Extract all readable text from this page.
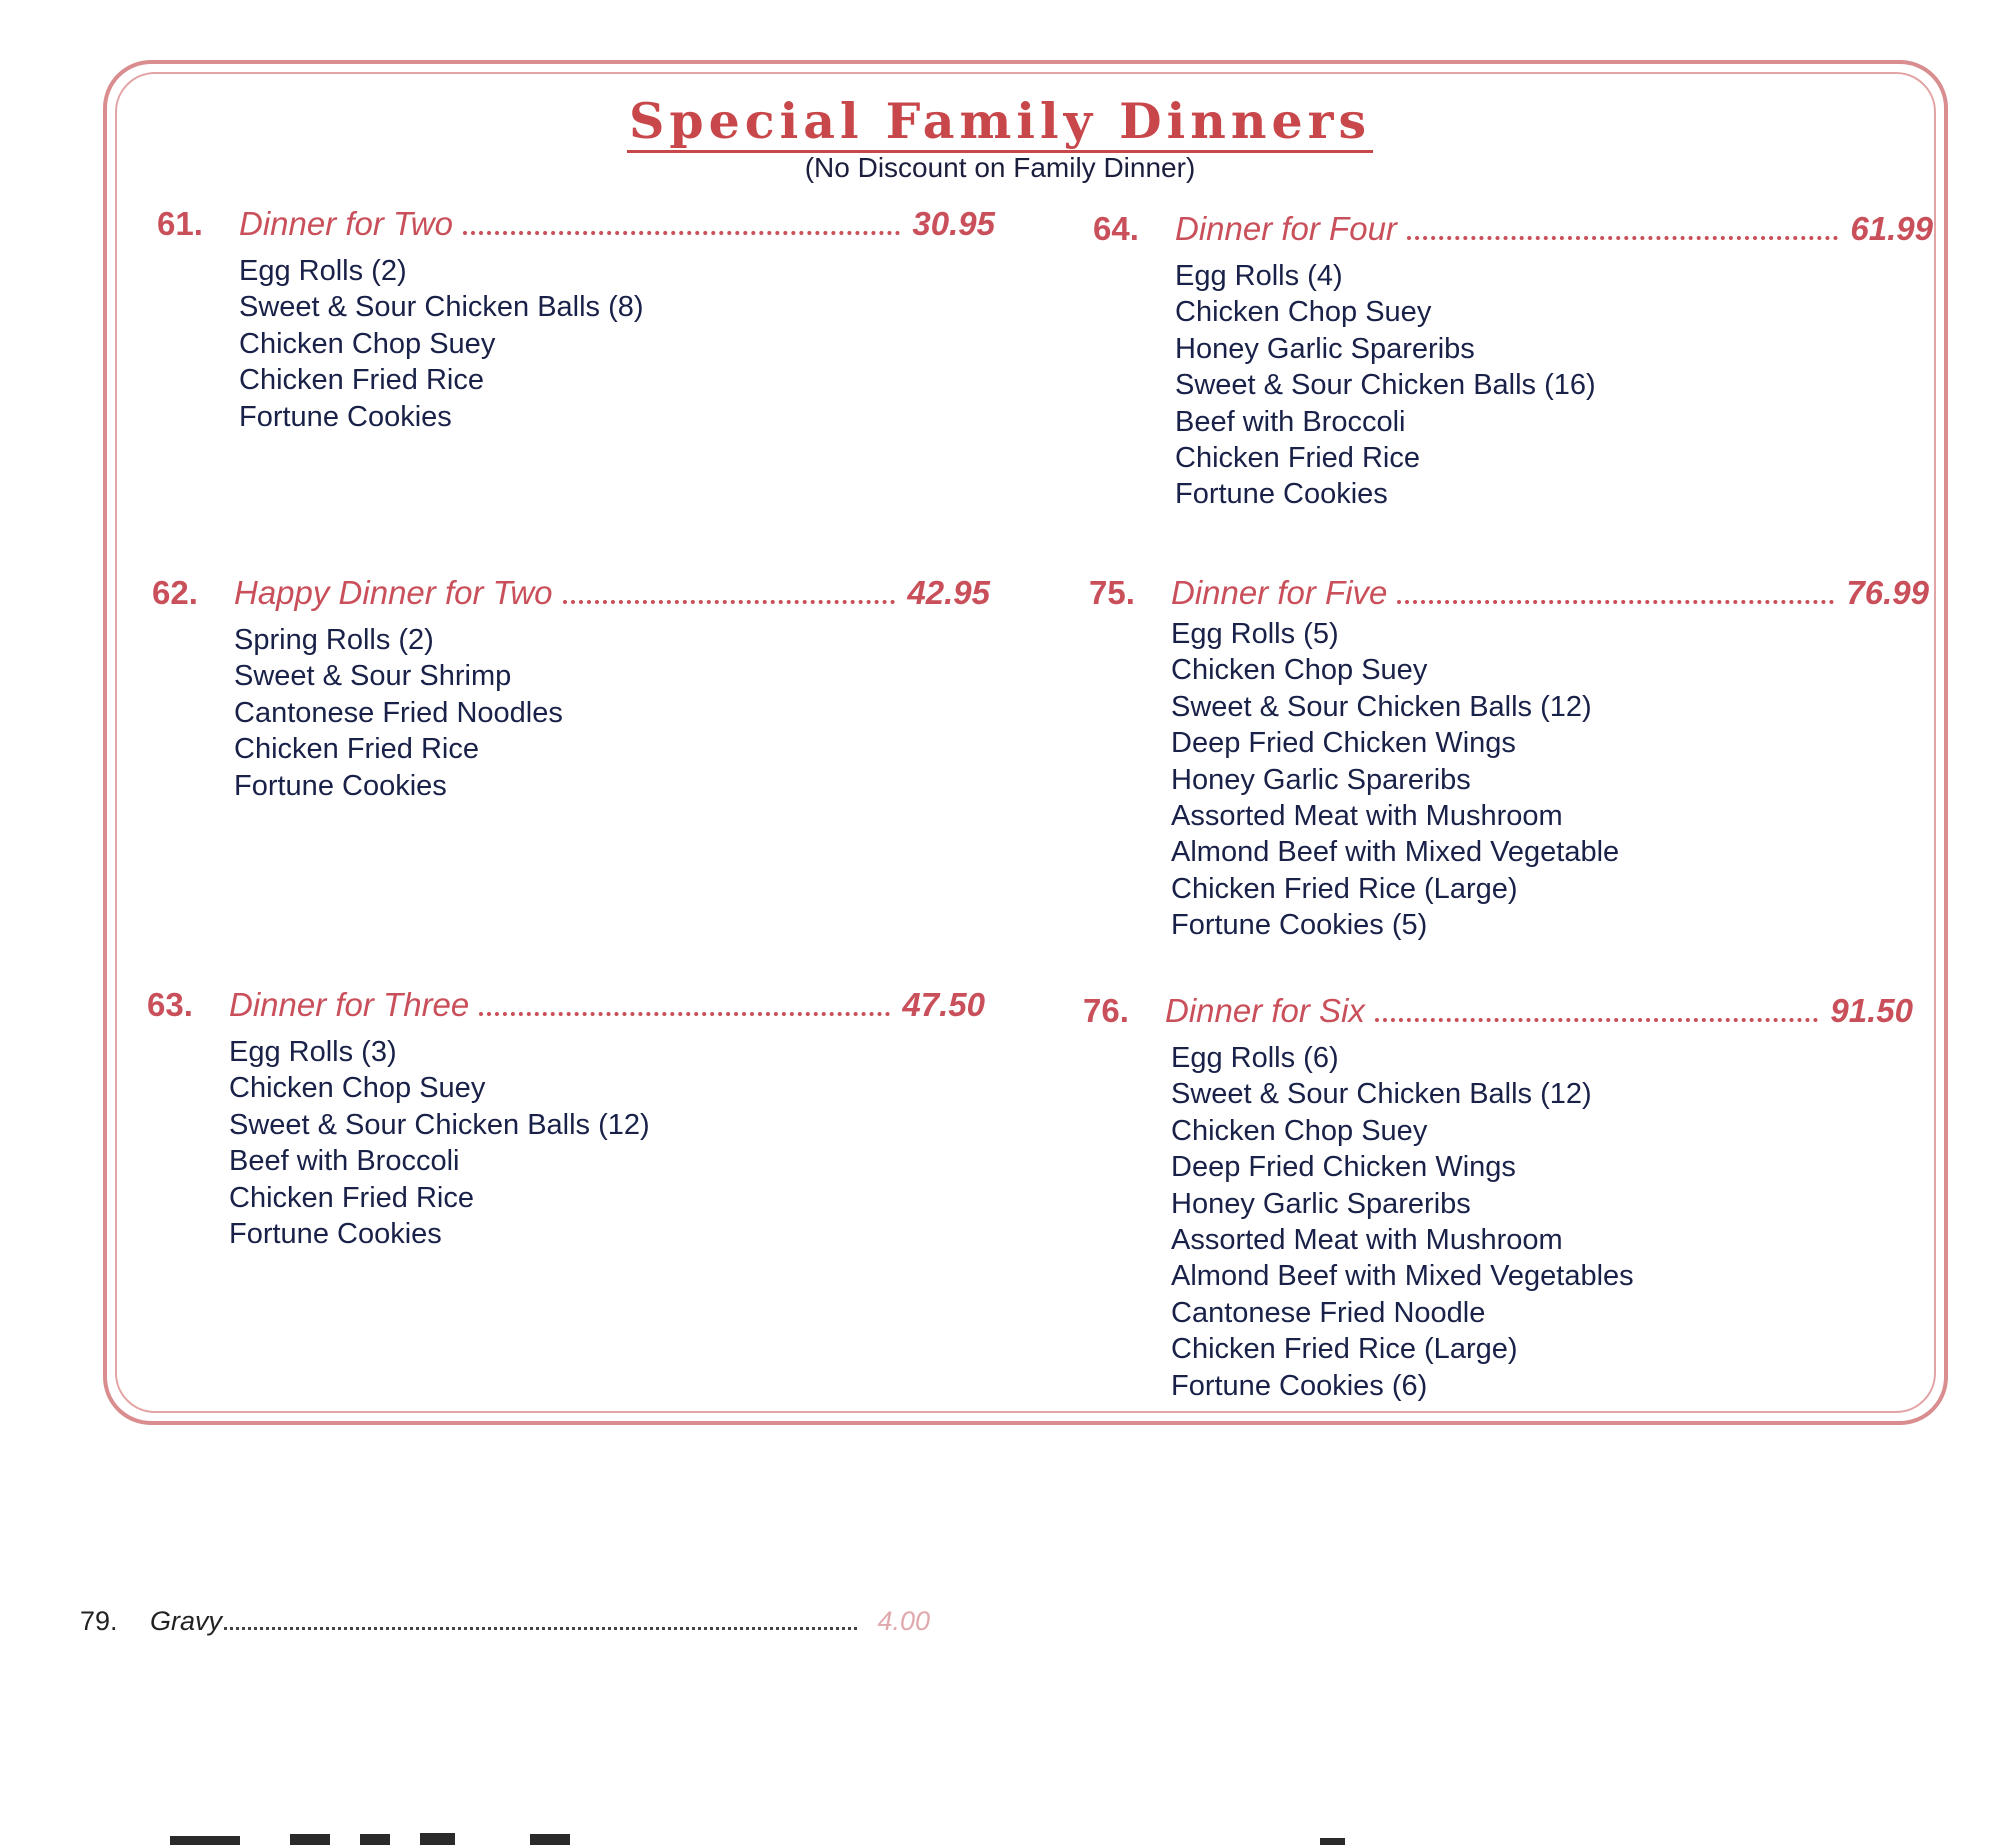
Special Family Dinners
(No Discount on Family Dinner)
61.	Dinner for Two	30.95
Egg Rolls (2)
Sweet & Sour Chicken Balls (8)
Chicken Chop Suey
Chicken Fried Rice
Fortune Cookies
62.	Happy Dinner for Two	42.95
Spring Rolls (2)
Sweet & Sour Shrimp
Cantonese Fried Noodles
Chicken Fried Rice
Fortune Cookies
63.	Dinner for Three	47.50
Egg Rolls (3)
Chicken Chop Suey
Sweet & Sour Chicken Balls (12)
Beef with Broccoli
Chicken Fried Rice
Fortune Cookies
64.	Dinner for Four	61.99
Egg Rolls (4)
Chicken Chop Suey
Honey Garlic Spareribs
Sweet & Sour Chicken Balls (16)
Beef with Broccoli
Chicken Fried Rice
Fortune Cookies
75.	Dinner for Five	76.99
Egg Rolls (5)
Chicken Chop Suey
Sweet & Sour Chicken Balls (12)
Deep Fried Chicken Wings
Honey Garlic Spareribs
Assorted Meat with Mushroom
Almond Beef with Mixed Vegetable
Chicken Fried Rice (Large)
Fortune Cookies (5)
76.	Dinner for Six	91.50
Egg Rolls (6)
Sweet & Sour Chicken Balls (12)
Chicken Chop Suey
Deep Fried Chicken Wings
Honey Garlic Spareribs
Assorted Meat with Mushroom
Almond Beef with Mixed Vegetables
Cantonese Fried Noodle
Chicken Fried Rice (Large)
Fortune Cookies (6)
79.	Gravy	4.00
